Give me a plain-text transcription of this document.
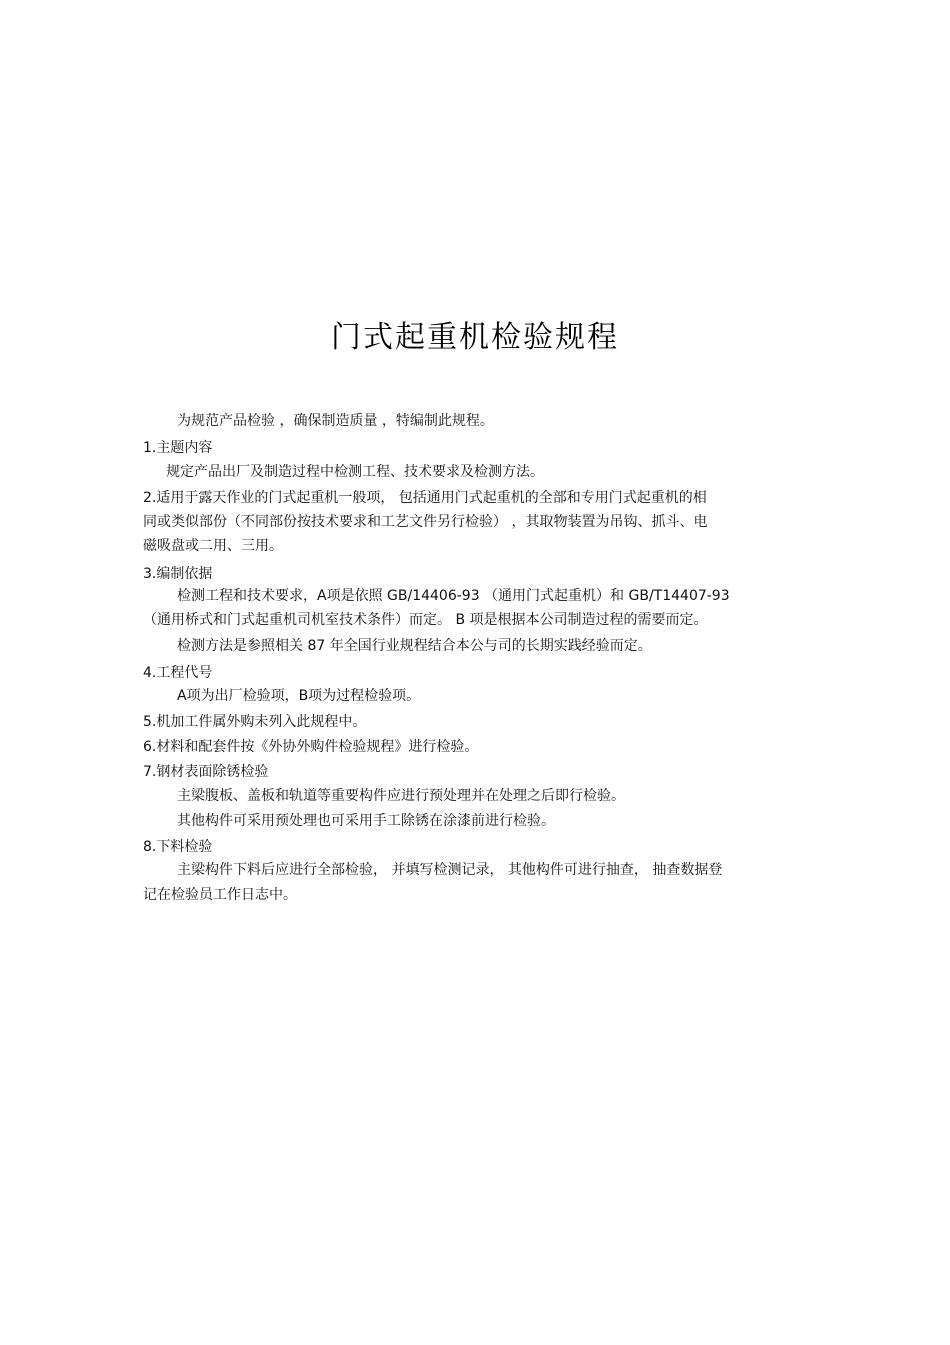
门式起重机检验规程
为规范产品检验 ，确保制造质量 ，特编制此规程。
1.主题内容
规定产品出厂及制造过程中检测工程、技术要求及检测方法。
2.适用于露天作业的门式起重机一般项， 包括通用门式起重机的全部和专用门式起重机的相
同或类似部份（不同部份按技术要求和工艺文件另行检验） ，其取物装置为吊钩、抓斗、电
磁吸盘或二用、三用。
3.编制依据
检测工程和技术要求，A项是依照 GB/14406-93 （通用门式起重机）和 GB/T14407-93
（通用桥式和门式起重机司机室技术条件）而定。 B 项是根据本公司制造过程的需要而定。
检测方法是参照相关 87 年全国行业规程结合本公与司的长期实践经验而定。
4.工程代号
A项为出厂检验项，B项为过程检验项。
5.机加工件属外购未列入此规程中。
6.材料和配套件按《外协外购件检验规程》进行检验。
7.钢材表面除锈检验
主梁腹板、盖板和轨道等重要构件应进行预处理并在处理之后即行检验。
其他构件可采用预处理也可采用手工除锈在涂漆前进行检验。
8.下料检验
主梁构件下料后应进行全部检验， 并填写检测记录， 其他构件可进行抽查， 抽查数据登
记在检验员工作日志中。
